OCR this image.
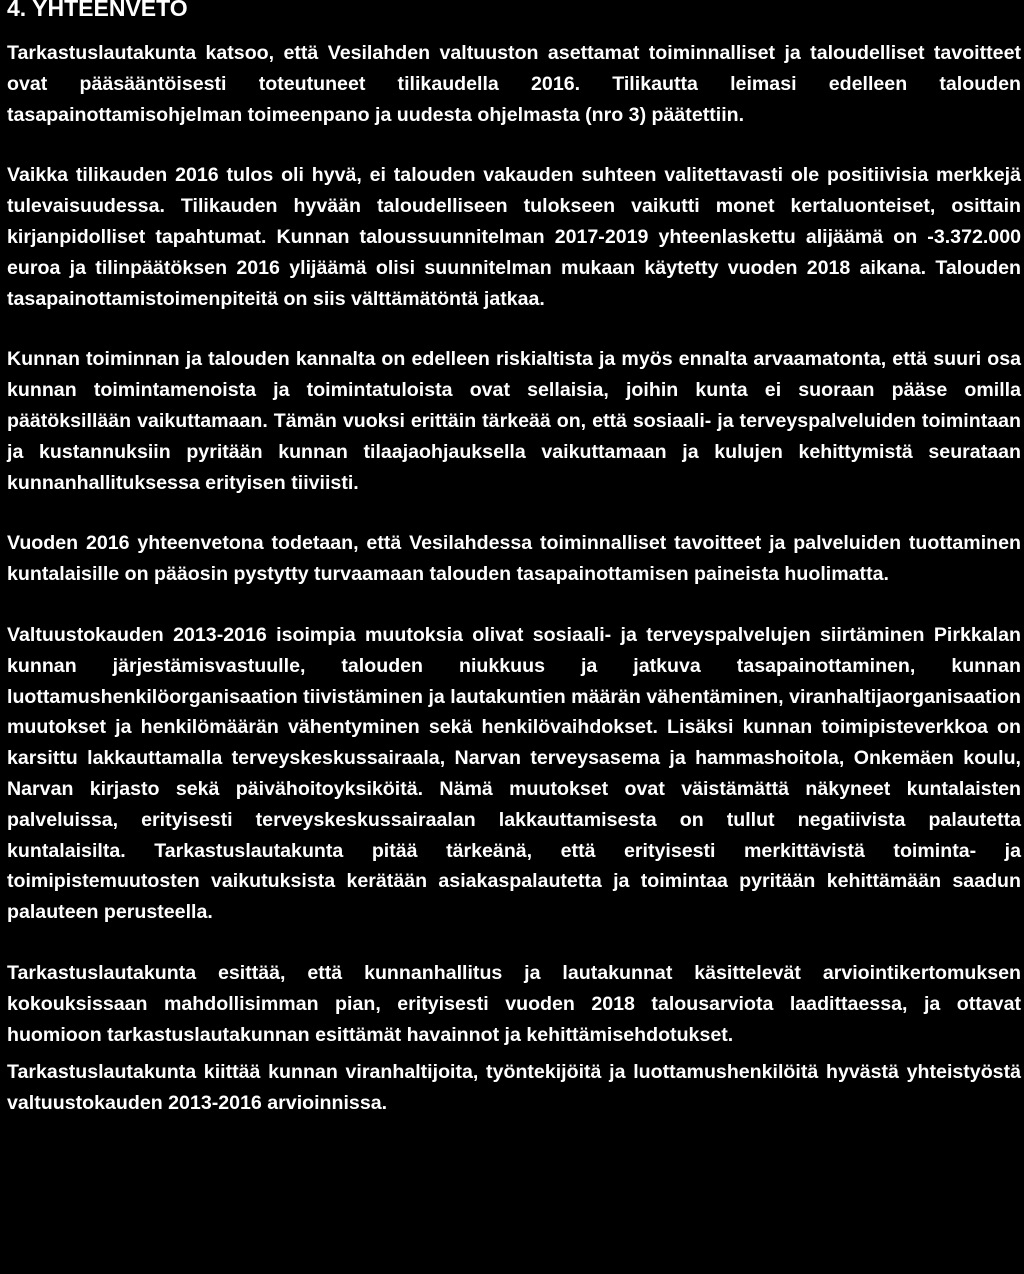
4. YHTEENVETO

Tarkastuslautakunta katsoo, että Vesilahden valtuuston asettamat toiminnalliset ja taloudelliset tavoitteet ovat pääsääntöisesti toteutuneet tilikaudella 2016. Tilikautta leimasi edelleen talouden tasapainottamisohjelman toimeenpano ja uudesta ohjelmasta (nro 3) päätettiin.

Vaikka tilikauden 2016 tulos oli hyvä, ei talouden vakauden suhteen valitettavasti ole positiivisia merkkejä tulevaisuudessa. Tilikauden hyvään taloudelliseen tulokseen vaikutti monet kertaluonteiset, osittain kirjanpidolliset tapahtumat. Kunnan taloussuunnitelman 2017-2019 yhteenlaskettu alijäämä on -3.372.000 euroa ja tilinpäätöksen 2016 ylijäämä olisi suunnitelman mukaan käytetty vuoden 2018 aikana. Talouden tasapainottamistoimenpiteitä on siis välttämätöntä jatkaa.

Kunnan toiminnan ja talouden kannalta on edelleen riskialtista ja myös ennalta arvaamatonta, että suuri osa kunnan toimintamenoista ja toimintatuloista ovat sellaisia, joihin kunta ei suoraan pääse omilla päätöksillään vaikuttamaan. Tämän vuoksi erittäin tärkeää on, että sosiaali- ja terveyspalveluiden toimintaan ja kustannuksiin pyritään kunnan tilaajaohjauksella vaikuttamaan ja kulujen kehittymistä seurataan kunnanhallituksessa erityisen tiiviisti.

Vuoden 2016 yhteenvetona todetaan, että Vesilahdessa toiminnalliset tavoitteet ja palveluiden tuottaminen kuntalaisille on pääosin pystytty turvaamaan talouden tasapainottamisen paineista huolimatta.

Valtuustokauden 2013-2016 isoimpia muutoksia olivat sosiaali- ja terveyspalvelujen siirtäminen Pirkkalan kunnan järjestämisvastuulle, talouden niukkuus ja jatkuva tasapainottaminen, kunnan luottamushenkilöorganisaation tiivistäminen ja lautakuntien määrän vähentäminen, viranhaltijaorganisaation muutokset ja henkilömäärän vähentyminen sekä henkilövaihdokset. Lisäksi kunnan toimipisteverkkoa on karsittu lakkauttamalla terveyskeskussairaala, Narvan terveysasema ja hammashoitola, Onkemäen koulu, Narvan kirjasto sekä päivähoitoyksiköitä. Nämä muutokset ovat väistämättä näkyneet kuntalaisten palveluissa, erityisesti terveyskeskussairaalan lakkauttamisesta on tullut negatiivista palautetta kuntalaisilta. Tarkastuslautakunta pitää tärkeänä, että erityisesti merkittävistä toiminta- ja toimipistemuutosten vaikutuksista kerätään asiakaspalautetta ja toimintaa pyritään kehittämään saadun palauteen perusteella.

Tarkastuslautakunta esittää, että kunnanhallitus ja lautakunnat käsittelevät arviointikertomuksen kokouksissaan mahdollisimman pian, erityisesti vuoden 2018 talousarviota laadittaessa, ja ottavat huomioon tarkastuslautakunnan esittämät havainnot ja kehittämisehdotukset.

Tarkastuslautakunta kiittää kunnan viranhaltijoita, työntekijöitä ja luottamushenkilöitä hyvästä yhteistyöstä valtuustokauden 2013-2016 arvioinnissa.
